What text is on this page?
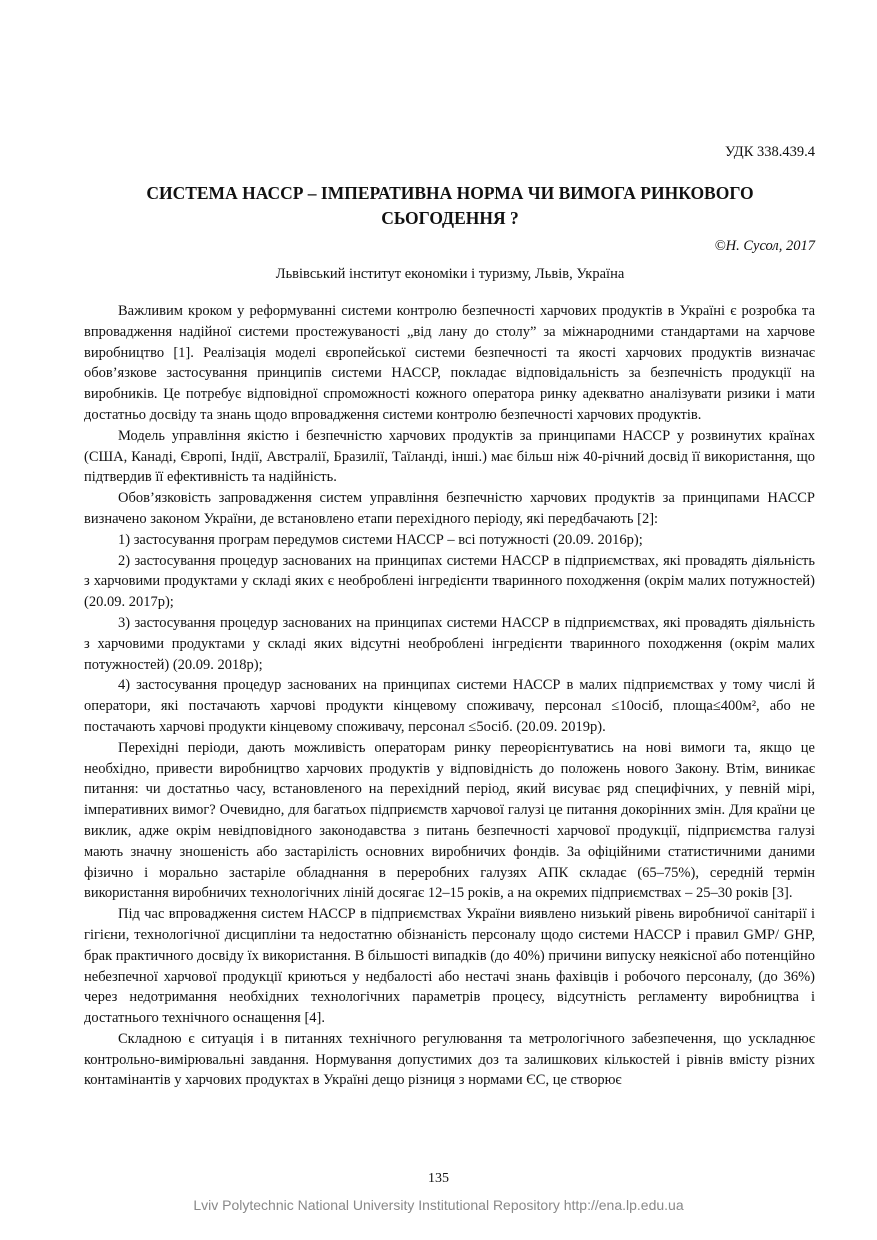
УДК 338.439.4
СИСТЕМА НАССР – ІМПЕРАТИВНА НОРМА ЧИ ВИМОГА РИНКОВОГО СЬОГОДЕННЯ ?
©Н. Сусол, 2017
Львівський інститут економіки і туризму, Львів, Україна

Важливим кроком у реформуванні системи контролю безпечності харчових продуктів в Україні є розробка та впровадження надійної системи простежуваності „від лану до столу” за міжнародними стандартами на харчове виробництво [1]. Реалізація моделі європейської системи безпечності та якості харчових продуктів визначає обов’язкове застосування принципів системи НАССР, покладає відповідальність за безпечність продукції на виробників. Це потребує відповідної спроможності кожного оператора ринку адекватно аналізувати ризики і мати достатньо досвіду та знань щодо впровадження системи контролю безпечності харчових продуктів.

Модель управління якістю і безпечністю харчових продуктів за принципами НАССР у розвинутих країнах (США, Канаді, Європі, Індії, Австралії, Бразилії, Таїланді, інші.) має більш ніж 40-річний досвід її використання, що підтвердив її ефективність та надійність.

Обов’язковість запровадження систем управління безпечністю харчових продуктів за принципами НАССР визначено законом України, де встановлено етапи перехідного періоду, які передбачають [2]:

1) застосування програм передумов системи НАССР – всі потужності (20.09. 2016р);

2) застосування процедур заснованих на принципах системи НАССР в підприємствах, які провадять діяльність з харчовими продуктами у складі яких є необроблені інгредієнти тваринного походження (окрім малих потужностей) (20.09. 2017р);

3) застосування процедур заснованих на принципах системи НАССР в підприємствах, які провадять діяльність з харчовими продуктами у складі яких відсутні необроблені інгредієнти тваринного походження (окрім малих потужностей) (20.09. 2018р);

4) застосування процедур заснованих на принципах системи НАССР в малих підприємствах у тому числі й оператори, які постачають харчові продукти кінцевому споживачу, персонал ≤10осіб, площа≤400м², або не постачають харчові продукти кінцевому споживачу, персонал ≤5осіб. (20.09. 2019р).

Перехідні періоди, дають можливість операторам ринку переорієнтуватись на нові вимоги та, якщо це необхідно, привести виробництво харчових продуктів у відповідність до положень нового Закону. Втім, виникає питання: чи достатньо часу, встановленого на перехідний період, який висуває ряд специфічних, у певній мірі, імперативних вимог? Очевидно, для багатьох підприємств харчової галузі це питання докорінних змін. Для країни це виклик, адже окрім невідповідного законодавства з питань безпечності харчової продукції, підприємства галузі мають значну зношеність або застарілість основних виробничих фондів. За офіційними статистичними даними фізично і морально застаріле обладнання в переробних галузях АПК складає (65–75%), середній термін використання виробничих технологічних ліній досягає 12–15 років, а на окремих підприємствах – 25–30 років [3].

Під час впровадження систем НАССР в підприємствах України виявлено низький рівень виробничої санітарії і гігієни, технологічної дисципліни та недостатню обізнаність персоналу щодо системи НАССР і правил GMP/ GHP, брак практичного досвіду їх використання. В більшості випадків (до 40%) причини випуску неякісної або потенційно небезпечної харчової продукції криються у недбалості або нестачі знань фахівців і робочого персоналу, (до 36%) через недотримання необхідних технологічних параметрів процесу, відсутність регламенту виробництва і достатнього технічного оснащення [4].

Складною є ситуація і в питаннях технічного регулювання та метрологічного забезпечення, що ускладнює контрольно-вимірювальні завдання. Нормування допустимих доз та залишкових кількостей і рівнів вмісту різних контамінантів у харчових продуктах в Україні дещо різниця з нормами ЄС, це створює

135
Lviv Polytechnic National University Institutional Repository http://ena.lp.edu.ua
